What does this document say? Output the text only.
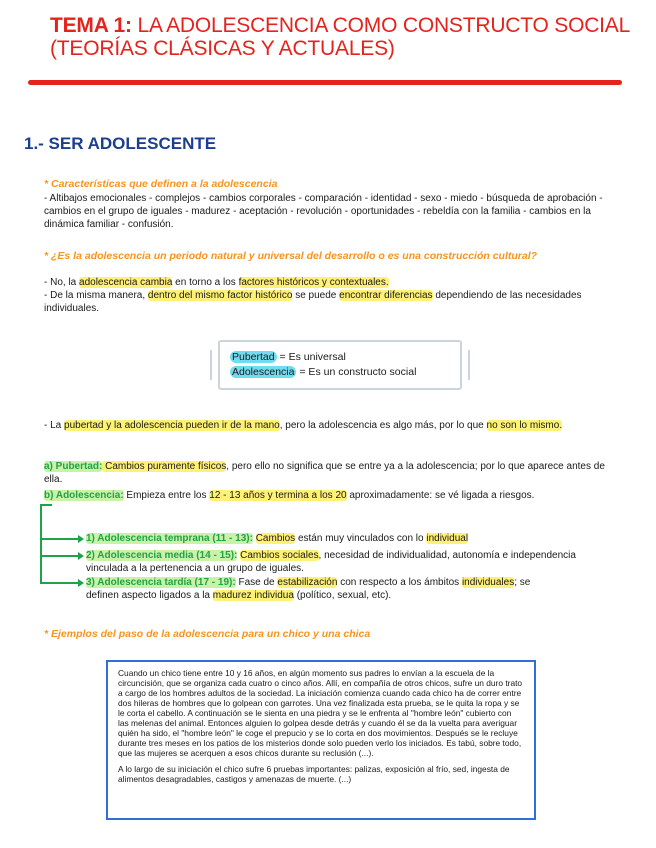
TEMA 1: LA ADOLESCENCIA COMO CONSTRUCTO SOCIAL (TEORÍAS CLÁSICAS Y ACTUALES)
1.- SER ADOLESCENTE
* Características que definen a la adolescencia
- Altibajos emocionales - complejos - cambios corporales - comparación - identidad - sexo - miedo - búsqueda de aprobación -cambios en el grupo de iguales - madurez - aceptación - revolución - oportunidades - rebeldía con la familia - cambios en la dinámica familiar - confusión.
* ¿Es la adolescencia un periodo natural y universal del desarrollo o es una construcción cultural?
- No, la adolescencia cambia en torno a los factores históricos y contextuales.
- De la misma manera, dentro del mismo factor histórico se puede encontrar diferencias dependiendo de las necesidades individuales.
Pubertad = Es universal
Adolescencia = Es un constructo social
- La pubertad y la adolescencia pueden ir de la mano, pero la adolescencia es algo más, por lo que no son lo mismo.
a) Pubertad: Cambios puramente físicos, pero ello no significa que se entre ya a la adolescencia; por lo que aparece antes de ella.
b) Adolescencia: Empieza entre los 12 - 13 años y termina a los 20 aproximadamente: se vé ligada a riesgos.
1) Adolescencia temprana (11 - 13): Cambios están muy vinculados con lo individual
2) Adolescencia media (14 - 15): Cambios sociales, necesidad de individualidad, autonomía e independencia vinculada a la pertenencia a un grupo de iguales.
3) Adolescencia tardía (17 - 19): Fase de estabilización con respecto a los ámbitos individuales; se definen aspecto ligados a la madurez individua (político, sexual, etc).
* Ejemplos del paso de la adolescencia para un chico y una chica
Cuando un chico tiene entre 10 y 16 años, en algún momento sus padres lo envían a la escuela de la circuncisión, que se organiza cada cuatro o cinco años. Allí, en compañía de otros chicos, sufre un duro trato a cargo de los hombres adultos de la sociedad. La iniciación comienza cuando cada chico ha de correr entre dos hileras de hombres que lo golpean con garrotes. Una vez finalizada esta prueba, se le quita la ropa y se le corta el cabello. A continuación se le sienta en una piedra y se le enfrenta al "hombre león" cubierto con las melenas del animal. Entonces alguien lo golpea desde detrás y cuando él se da la vuelta para averiguar quién ha sido, el "hombre león" le coge el prepucio y se lo corta en dos movimientos. Después se le recluye durante tres meses en los patios de los misterios donde solo pueden verlo los iniciados. Es tabú, sobre todo, que las mujeres se acerquen a esos chicos durante su reclusión (...).
A lo largo de su iniciación el chico sufre 6 pruebas importantes: palizas, exposición al frío, sed, ingesta de alimentos desagradables, castigos y amenazas de muerte. (...)
